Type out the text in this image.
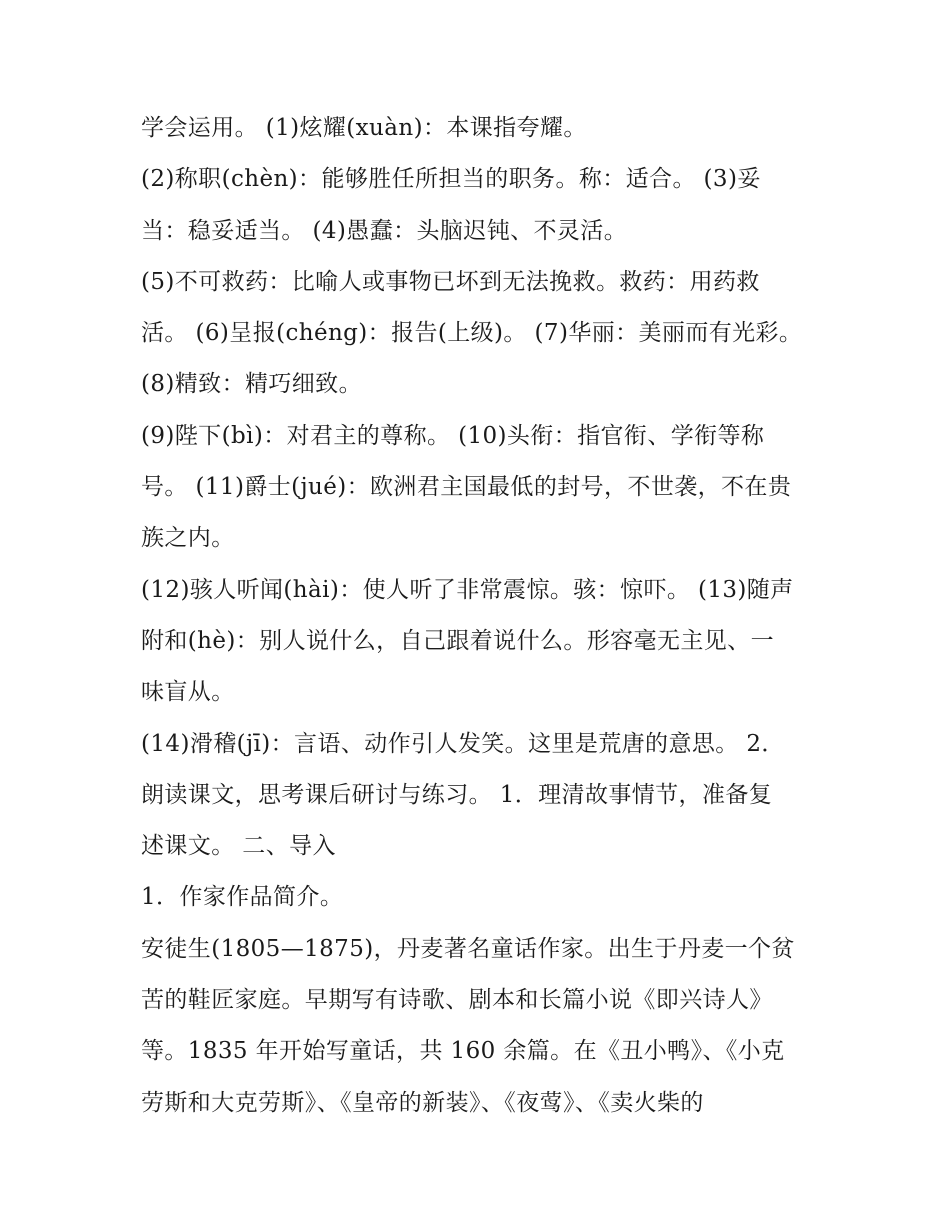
学会运用。 (1)炫耀(xuàn)：本课指夸耀。
(2)称职(chèn)：能够胜任所担当的职务。称：适合。 (3)妥
当：稳妥适当。 (4)愚蠢：头脑迟钝、不灵活。
(5)不可救药：比喻人或事物已坏到无法挽救。救药：用药救
活。 (6)呈报(chéng)：报告(上级)。 (7)华丽：美丽而有光彩。
(8)精致：精巧细致。
(9)陛下(bì)：对君主的尊称。 (10)头衔：指官衔、学衔等称
号。 (11)爵士(jué)：欧洲君主国最低的封号，不世袭，不在贵
族之内。
(12)骇人听闻(hài)：使人听了非常震惊。骇：惊吓。 (13)随声
附和(hè)：别人说什么，自己跟着说什么。形容毫无主见、一
味盲从。
(14)滑稽(jī)：言语、动作引人发笑。这里是荒唐的意思。 2．
朗读课文，思考课后研讨与练习。 1．理清故事情节，准备复
述课文。 二、导入
1．作家作品简介。
安徒生(1805—1875)，丹麦著名童话作家。出生于丹麦一个贫
苦的鞋匠家庭。早期写有诗歌、剧本和长篇小说《即兴诗人》
等。1835 年开始写童话，共 160 余篇。在《丑小鸭》、《小克
劳斯和大克劳斯》、《皇帝的新装》、《夜莺》、《卖火柴的
